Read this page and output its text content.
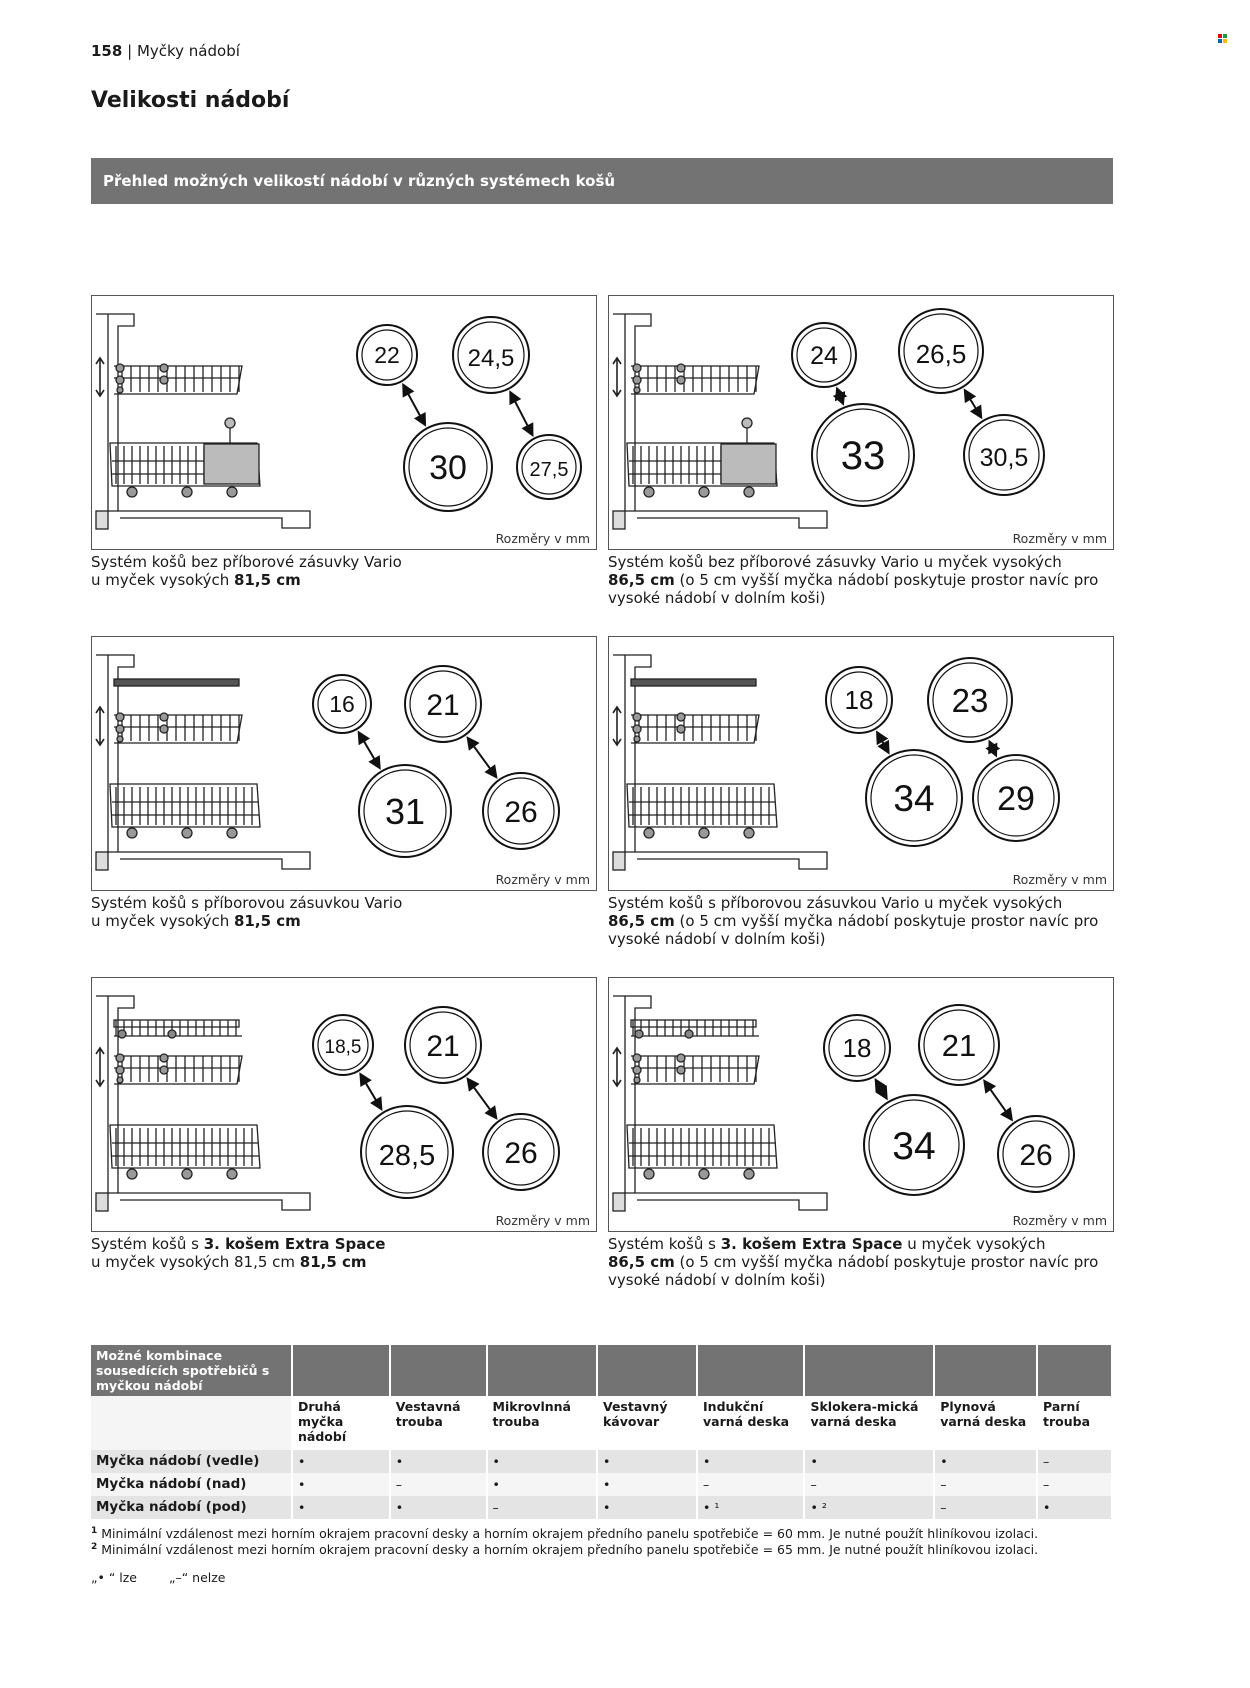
158 | Myčky nádobí
Velikosti nádobí
Přehled možných velikostí nádobí v různých systémech košů
22	24,5
30	27,5
Rozměry v mm
Systém košů bez příborové zásuvky Vario
u myček vysokých 81,5 cm
24	26,5
33	30,5
Rozměry v mm
Systém košů bez příborové zásuvky Vario u myček vysokých
86,5 cm (o 5 cm vyšší myčka nádobí poskytuje prostor navíc pro vysoké nádobí v dolním koši)
16 21
31	26
Rozměry v mm
Systém košů s příborovou zásuvkou Vario
u myček vysokých 81,5 cm
18 23
34 29
Rozměry v mm
Systém košů s příborovou zásuvkou Vario u myček vysokých
86,5 cm (o 5 cm vyšší myčka nádobí poskytuje prostor navíc pro vysoké nádobí v dolním koši)
18,5 21
28,5 26
Rozměry v mm
Systém košů s 3. košem Extra Space
u myček vysokých 81,5 cm 81,5 cm
18 21
34	26
Rozměry v mm
Systém košů s 3. košem Extra Space u myček vysokých
86,5 cm (o 5 cm vyšší myčka nádobí poskytuje prostor navíc pro vysoké nádobí v dolním koši)
Možné kombinace sousedících spotřebičů s myčkou nádobí								
	Druhá myčka nádobí	Vestavná trouba	Mikrovlnná trouba	Vestavný kávovar	Indukční varná deska	Sklokera-mická varná deska	Plynová varná deska	Parní trouba
Myčka nádobí (vedle)	•	•	•	•	•	•	•	–
Myčka nádobí (nad)	•	–	•	•	–	–	–	–
Myčka nádobí (pod)	•	•	–	•	• ¹	• ²	–	•
$^1$ Minimální vzdálenost mezi horním okrajem pracovní desky a horním okrajem předního panelu spotřebiče = 60 mm. Je nutné použít hliníkovou izolaci.
$^2$ Minimální vzdálenost mezi horním okrajem pracovní desky a horním okrajem předního panelu spotřebiče = 65 mm. Je nutné použít hliníkovou izolaci.
„• “ lze	„–“ nelze
